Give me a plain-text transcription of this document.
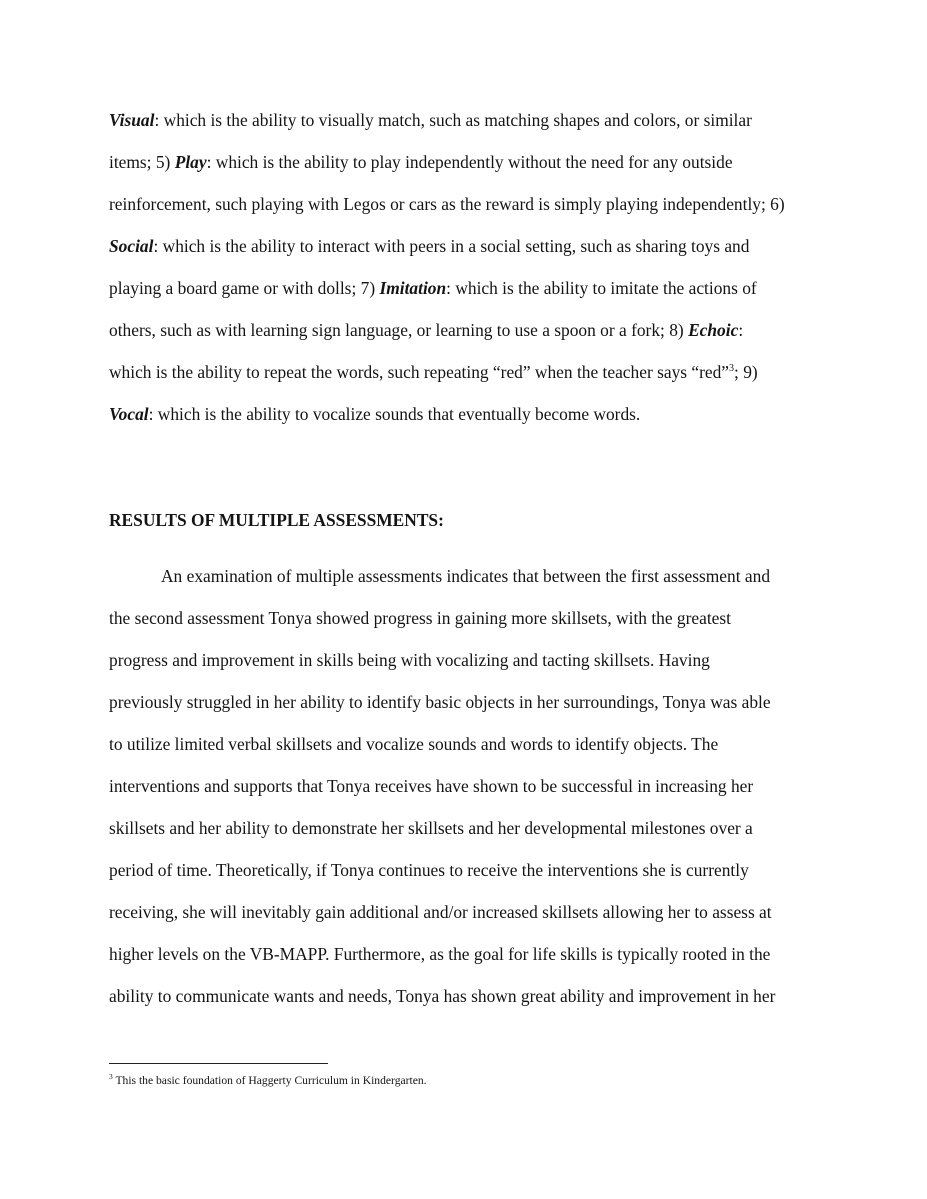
Visual: which is the ability to visually match, such as matching shapes and colors, or similar
items; 5) Play: which is the ability to play independently without the need for any outside
reinforcement, such playing with Legos or cars as the reward is simply playing independently; 6)
Social: which is the ability to interact with peers in a social setting, such as sharing toys and
playing a board game or with dolls; 7) Imitation: which is the ability to imitate the actions of
others, such as with learning sign language, or learning to use a spoon or a fork; 8) Echoic:
which is the ability to repeat the words, such repeating “red” when the teacher says “red”$^3$; 9)
Vocal: which is the ability to vocalize sounds that eventually become words.
RESULTS OF MULTIPLE ASSESSMENTS:
An examination of multiple assessments indicates that between the first assessment and
the second assessment Tonya showed progress in gaining more skillsets, with the greatest
progress and improvement in skills being with vocalizing and tacting skillsets. Having
previously struggled in her ability to identify basic objects in her surroundings, Tonya was able
to utilize limited verbal skillsets and vocalize sounds and words to identify objects. The
interventions and supports that Tonya receives have shown to be successful in increasing her
skillsets and her ability to demonstrate her skillsets and her developmental milestones over a
period of time. Theoretically, if Tonya continues to receive the interventions she is currently
receiving, she will inevitably gain additional and/or increased skillsets allowing her to assess at
higher levels on the VB-MAPP. Furthermore, as the goal for life skills is typically rooted in the
ability to communicate wants and needs, Tonya has shown great ability and improvement in her
$^3$ This the basic foundation of Haggerty Curriculum in Kindergarten.
